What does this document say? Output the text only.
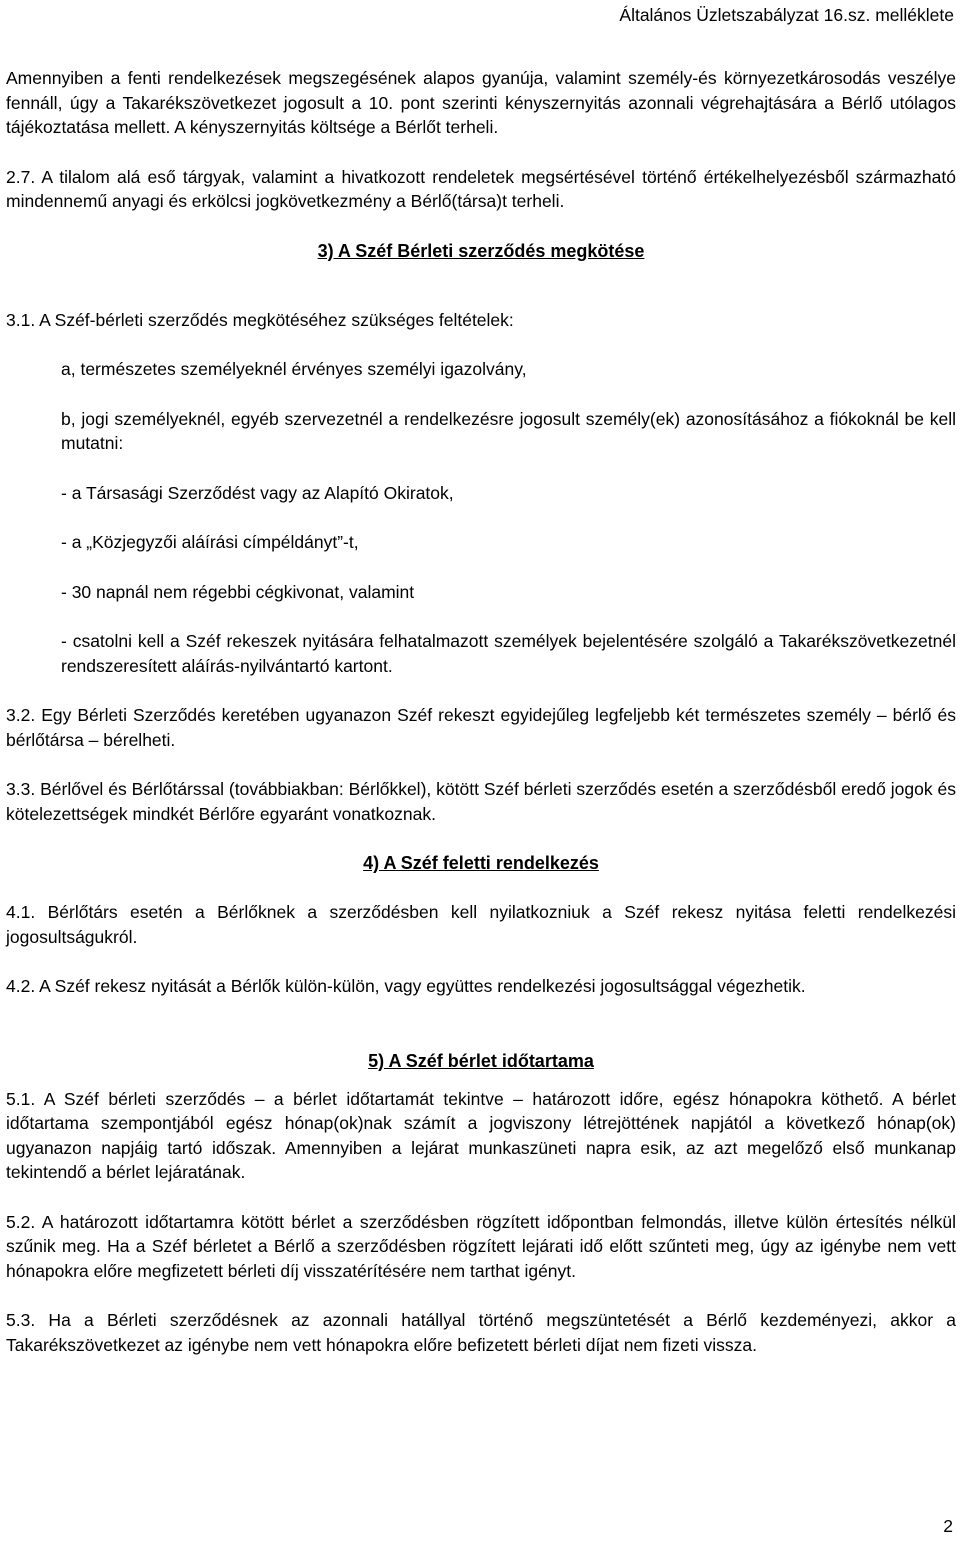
Általános Üzletszabályzat 16.sz. melléklete

Amennyiben a fenti rendelkezések megszegésének alapos gyanúja, valamint személy-és környezetkárosodás veszélye fennáll, úgy a Takarékszövetkezet jogosult a 10. pont szerinti kényszernyitás azonnali végrehajtására a Bérlő utólagos tájékoztatása mellett. A kényszernyitás költsége a Bérlőt terheli.

2.7. A tilalom alá eső tárgyak, valamint a hivatkozott rendeletek megsértésével történő értékelhelyezésből származható mindennemű anyagi és erkölcsi jogkövetkezmény a Bérlő(társa)t terheli.

3) A Széf Bérleti szerződés megkötése

3.1. A Széf-bérleti szerződés megkötéséhez szükséges feltételek:

a, természetes személyeknél érvényes személyi igazolvány,

b, jogi személyeknél, egyéb szervezetnél a rendelkezésre jogosult személy(ek) azonosításához a fiókoknál be kell mutatni:

- a Társasági Szerződést vagy az Alapító Okiratok,

- a „Közjegyzői aláírási címpéldányt”-t,

- 30 napnál nem régebbi cégkivonat, valamint

- csatolni kell a Széf rekeszek nyitására felhatalmazott személyek bejelentésére szolgáló a Takarékszövetkezetnél rendszeresített aláírás-nyilvántartó kartont.

3.2. Egy Bérleti Szerződés keretében ugyanazon Széf rekeszt egyidejűleg legfeljebb két természetes személy – bérlő és bérlőtársa – bérelheti.

3.3. Bérlővel és Bérlőtárssal (továbbiakban: Bérlőkkel), kötött Széf bérleti szerződés esetén a szerződésből eredő jogok és kötelezettségek mindkét Bérlőre egyaránt vonatkoznak.

4) A Széf feletti rendelkezés

4.1. Bérlőtárs esetén a Bérlőknek a szerződésben kell nyilatkozniuk a Széf rekesz nyitása feletti rendelkezési jogosultságukról.

4.2. A Széf rekesz nyitását a Bérlők külön-külön, vagy együttes rendelkezési jogosultsággal végezhetik.

5) A Széf bérlet időtartama

5.1. A Széf bérleti szerződés – a bérlet időtartamát tekintve – határozott időre, egész hónapokra köthető. A bérlet időtartama szempontjából egész hónap(ok)nak számít a jogviszony létrejöttének napjától a következő hónap(ok) ugyanazon napjáig tartó időszak. Amennyiben a lejárat munkaszüneti napra esik, az azt megelőző első munkanap tekintendő a bérlet lejáratának.

5.2. A határozott időtartamra kötött bérlet a szerződésben rögzített időpontban felmondás, illetve külön értesítés nélkül szűnik meg. Ha a Széf bérletet a Bérlő a szerződésben rögzített lejárati idő előtt szűnteti meg, úgy az igénybe nem vett hónapokra előre megfizetett bérleti díj visszatérítésére nem tarthat igényt.

5.3. Ha a Bérleti szerződésnek az azonnali hatállyal történő megszüntetését a Bérlő kezdeményezi, akkor a Takarékszövetkezet az igénybe nem vett hónapokra előre befizetett bérleti díjat nem fizeti vissza.

2
